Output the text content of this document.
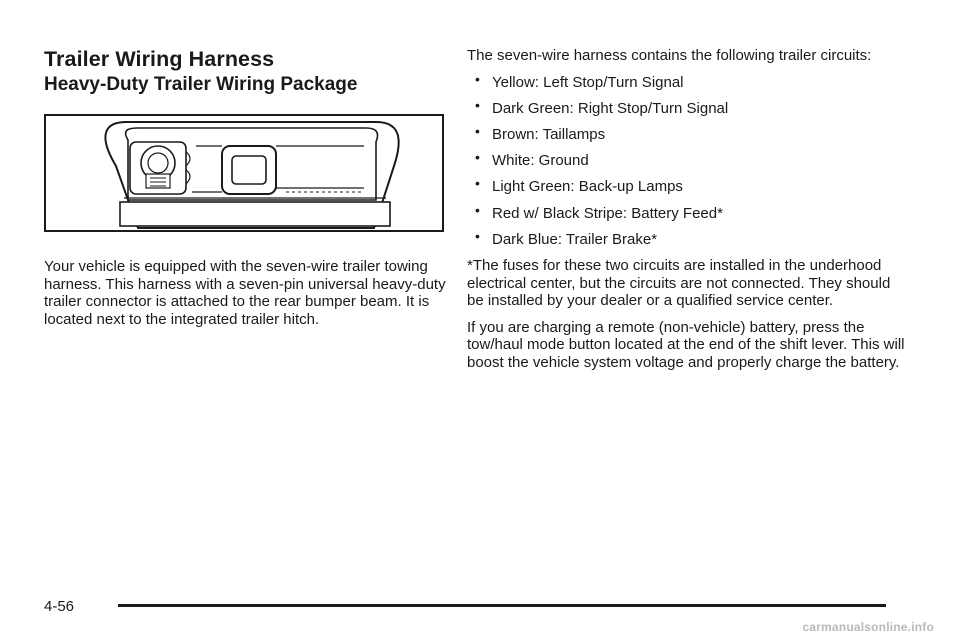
Trailer Wiring Harness
Heavy-Duty Trailer Wiring Package

Your vehicle is equipped with the seven-wire trailer towing harness. This harness with a seven-pin universal heavy-duty trailer connector is attached to the rear bumper beam. It is located next to the integrated trailer hitch.

The seven-wire harness contains the following trailer circuits:

• Yellow: Left Stop/Turn Signal
• Dark Green: Right Stop/Turn Signal
• Brown: Taillamps
• White: Ground
• Light Green: Back-up Lamps
• Red w/ Black Stripe: Battery Feed*
• Dark Blue: Trailer Brake*

*The fuses for these two circuits are installed in the underhood electrical center, but the circuits are not connected. They should be installed by your dealer or a qualified service center.

If you are charging a remote (non-vehicle) battery, press the tow/haul mode button located at the end of the shift lever. This will boost the vehicle system voltage and properly charge the battery.

4-56
carmanualsonline.info
